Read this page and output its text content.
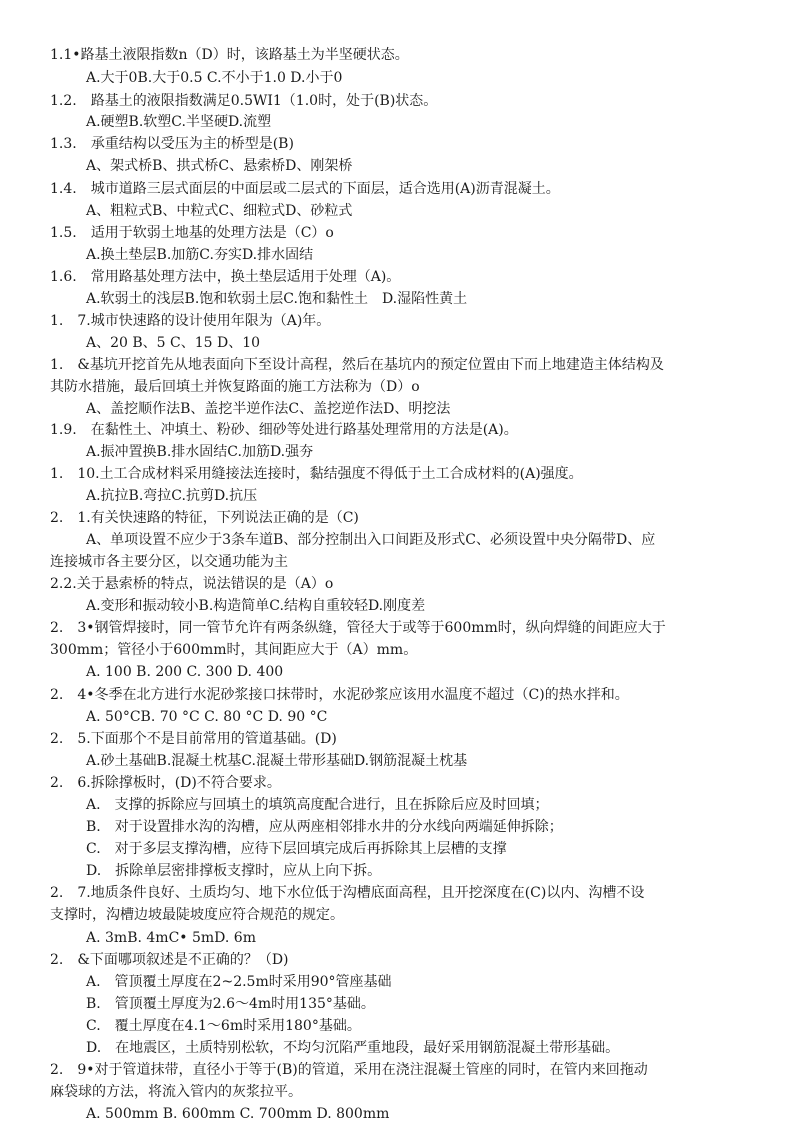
1.1•路基土液限指数n（D）时，该路基土为半坚硬状态。
A.大于0B.大于0.5 C.不小于1.0 D.小于0
1.2.　路基土的液限指数满足0.5WI1（1.0时，处于(B)状态。
A.硬塑B.软塑C.半坚硬D.流塑
1.3.　承重结构以受压为主的桥型是(B)
A、架式桥B、拱式桥C、悬索桥D、刚架桥
1.4.　城市道路三层式面层的中面层或二层式的下面层，适合选用(A)沥青混凝土。
A、粗粒式B、中粒式C、细粒式D、砂粒式
1.5.　适用于软弱土地基的处理方法是（C）o
A.换土垫层B.加筋C.夯实D.排水固结
1.6.　常用路基处理方法中，换土垫层适用于处理（A)。
A.软弱土的浅层B.饱和软弱土层C.饱和黏性土　D.湿陷性黄土
1.　7.城市快速路的设计使用年限为（A)年。
A、20 B、5 C、15 D、10
1.　&基坑开挖首先从地表面向下至设计高程，然后在基坑内的预定位置由下而上地建造主体结构及
其防水措施，最后回填土并恢复路面的施工方法称为（D）o
A、盖挖顺作法B、盖挖半逆作法C、盖挖逆作法D、明挖法
1.9.　在黏性土、冲填土、粉砂、细砂等处进行路基处理常用的方法是(A)。
A.振冲置换B.排水固结C.加筋D.强夯
1.　10.土工合成材料采用缝接法连接时，黏结强度不得低于土工合成材料的(A)强度。
A.抗拉B.弯拉C.抗剪D.抗压
2.　1.有关快速路的特征，下列说法正确的是（C)
A、单项设置不应少于3条车道B、部分控制出入口间距及形式C、必须设置中央分隔带D、应
连接城市各主要分区，以交通功能为主
2.2.关于悬索桥的特点，说法错误的是（A）o
A.变形和振动较小B.构造简单C.结构自重较轻D.刚度差
2.　3•钢管焊接时，同一管节允许有两条纵缝，管径大于或等于600mm时，纵向焊缝的间距应大于
300mm；管径小于600mm时，其间距应大于（A）mm。
A. 100 B. 200 C. 300 D. 400
2.　4•冬季在北方进行水泥砂浆接口抹带时，水泥砂浆应该用水温度不超过（C)的热水拌和。
A. 50°CB. 70 °C C. 80 °C D. 90 °C
2.　5.下面那个不是目前常用的管道基础。(D)
A.砂土基础B.混凝土枕基C.混凝土带形基础D.钢筋混凝土枕基
2.　6.拆除撑板时，(D)不符合要求。
A.　支撑的拆除应与回填土的填筑高度配合进行，且在拆除后应及时回填；
B.　对于设置排水沟的沟槽，应从两座相邻排水井的分水线向两端延伸拆除；
C.　对于多层支撑沟槽，应待下层回填完成后再拆除其上层槽的支撑
D.　拆除单层密排撑板支撑时，应从上向下拆。
2.　7.地质条件良好、土质均匀、地下水位低于沟槽底面高程，且开挖深度在(C)以内、沟槽不设
支撑时，沟槽边坡最陡坡度应符合规范的规定。
A. 3mB. 4mC• 5mD. 6m
2.　&下面哪项叙述是不正确的？（D)
A.　管顶覆土厚度在2~2.5m时采用90°管座基础
B.　管顶覆土厚度为2.6～4m时用135°基础。
C.　覆土厚度在4.1～6m时采用180°基础。
D.　在地震区，土质特别松软，不均匀沉陷严重地段，最好采用钢筋混凝土带形基础。
2.　9•对于管道抹带，直径小于等于(B)的管道，采用在浇注混凝土管座的同时，在管内来回拖动
麻袋球的方法，将流入管内的灰浆拉平。
A. 500mm B. 600mm C. 700mm D. 800mm
